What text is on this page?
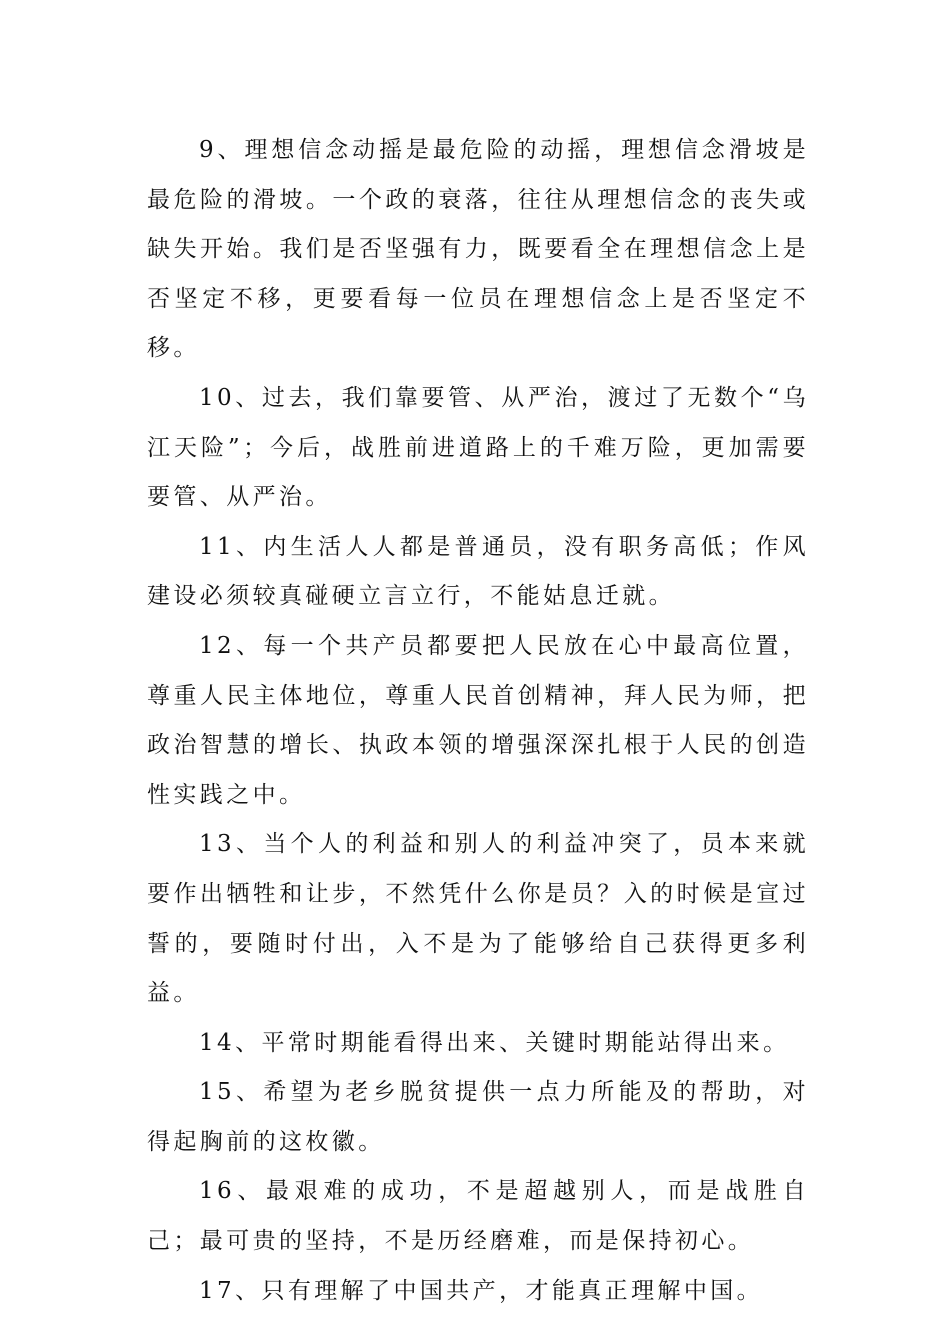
9、理想信念动摇是最危险的动摇，理想信念滑坡是最危险的滑坡。一个政的衰落，往往从理想信念的丧失或缺失开始。我们是否坚强有力，既要看全在理想信念上是否坚定不移，更要看每一位员在理想信念上是否坚定不移。

10、过去，我们靠要管、从严治，渡过了无数个“乌江天险”；今后，战胜前进道路上的千难万险，更加需要要管、从严治。

11、内生活人人都是普通员，没有职务高低；作风建设必须较真碰硬立言立行，不能姑息迁就。

12、每一个共产员都要把人民放在心中最高位置，尊重人民主体地位，尊重人民首创精神，拜人民为师，把政治智慧的增长、执政本领的增强深深扎根于人民的创造性实践之中。

13、当个人的利益和别人的利益冲突了，员本来就要作出牺牲和让步，不然凭什么你是员？入的时候是宣过誓的，要随时付出，入不是为了能够给自己获得更多利益。

14、平常时期能看得出来、关键时期能站得出来。

15、希望为老乡脱贫提供一点力所能及的帮助，对得起胸前的这枚徽。

16、最艰难的成功，不是超越别人，而是战胜自己；最可贵的坚持，不是历经磨难，而是保持初心。

17、只有理解了中国共产，才能真正理解中国。
